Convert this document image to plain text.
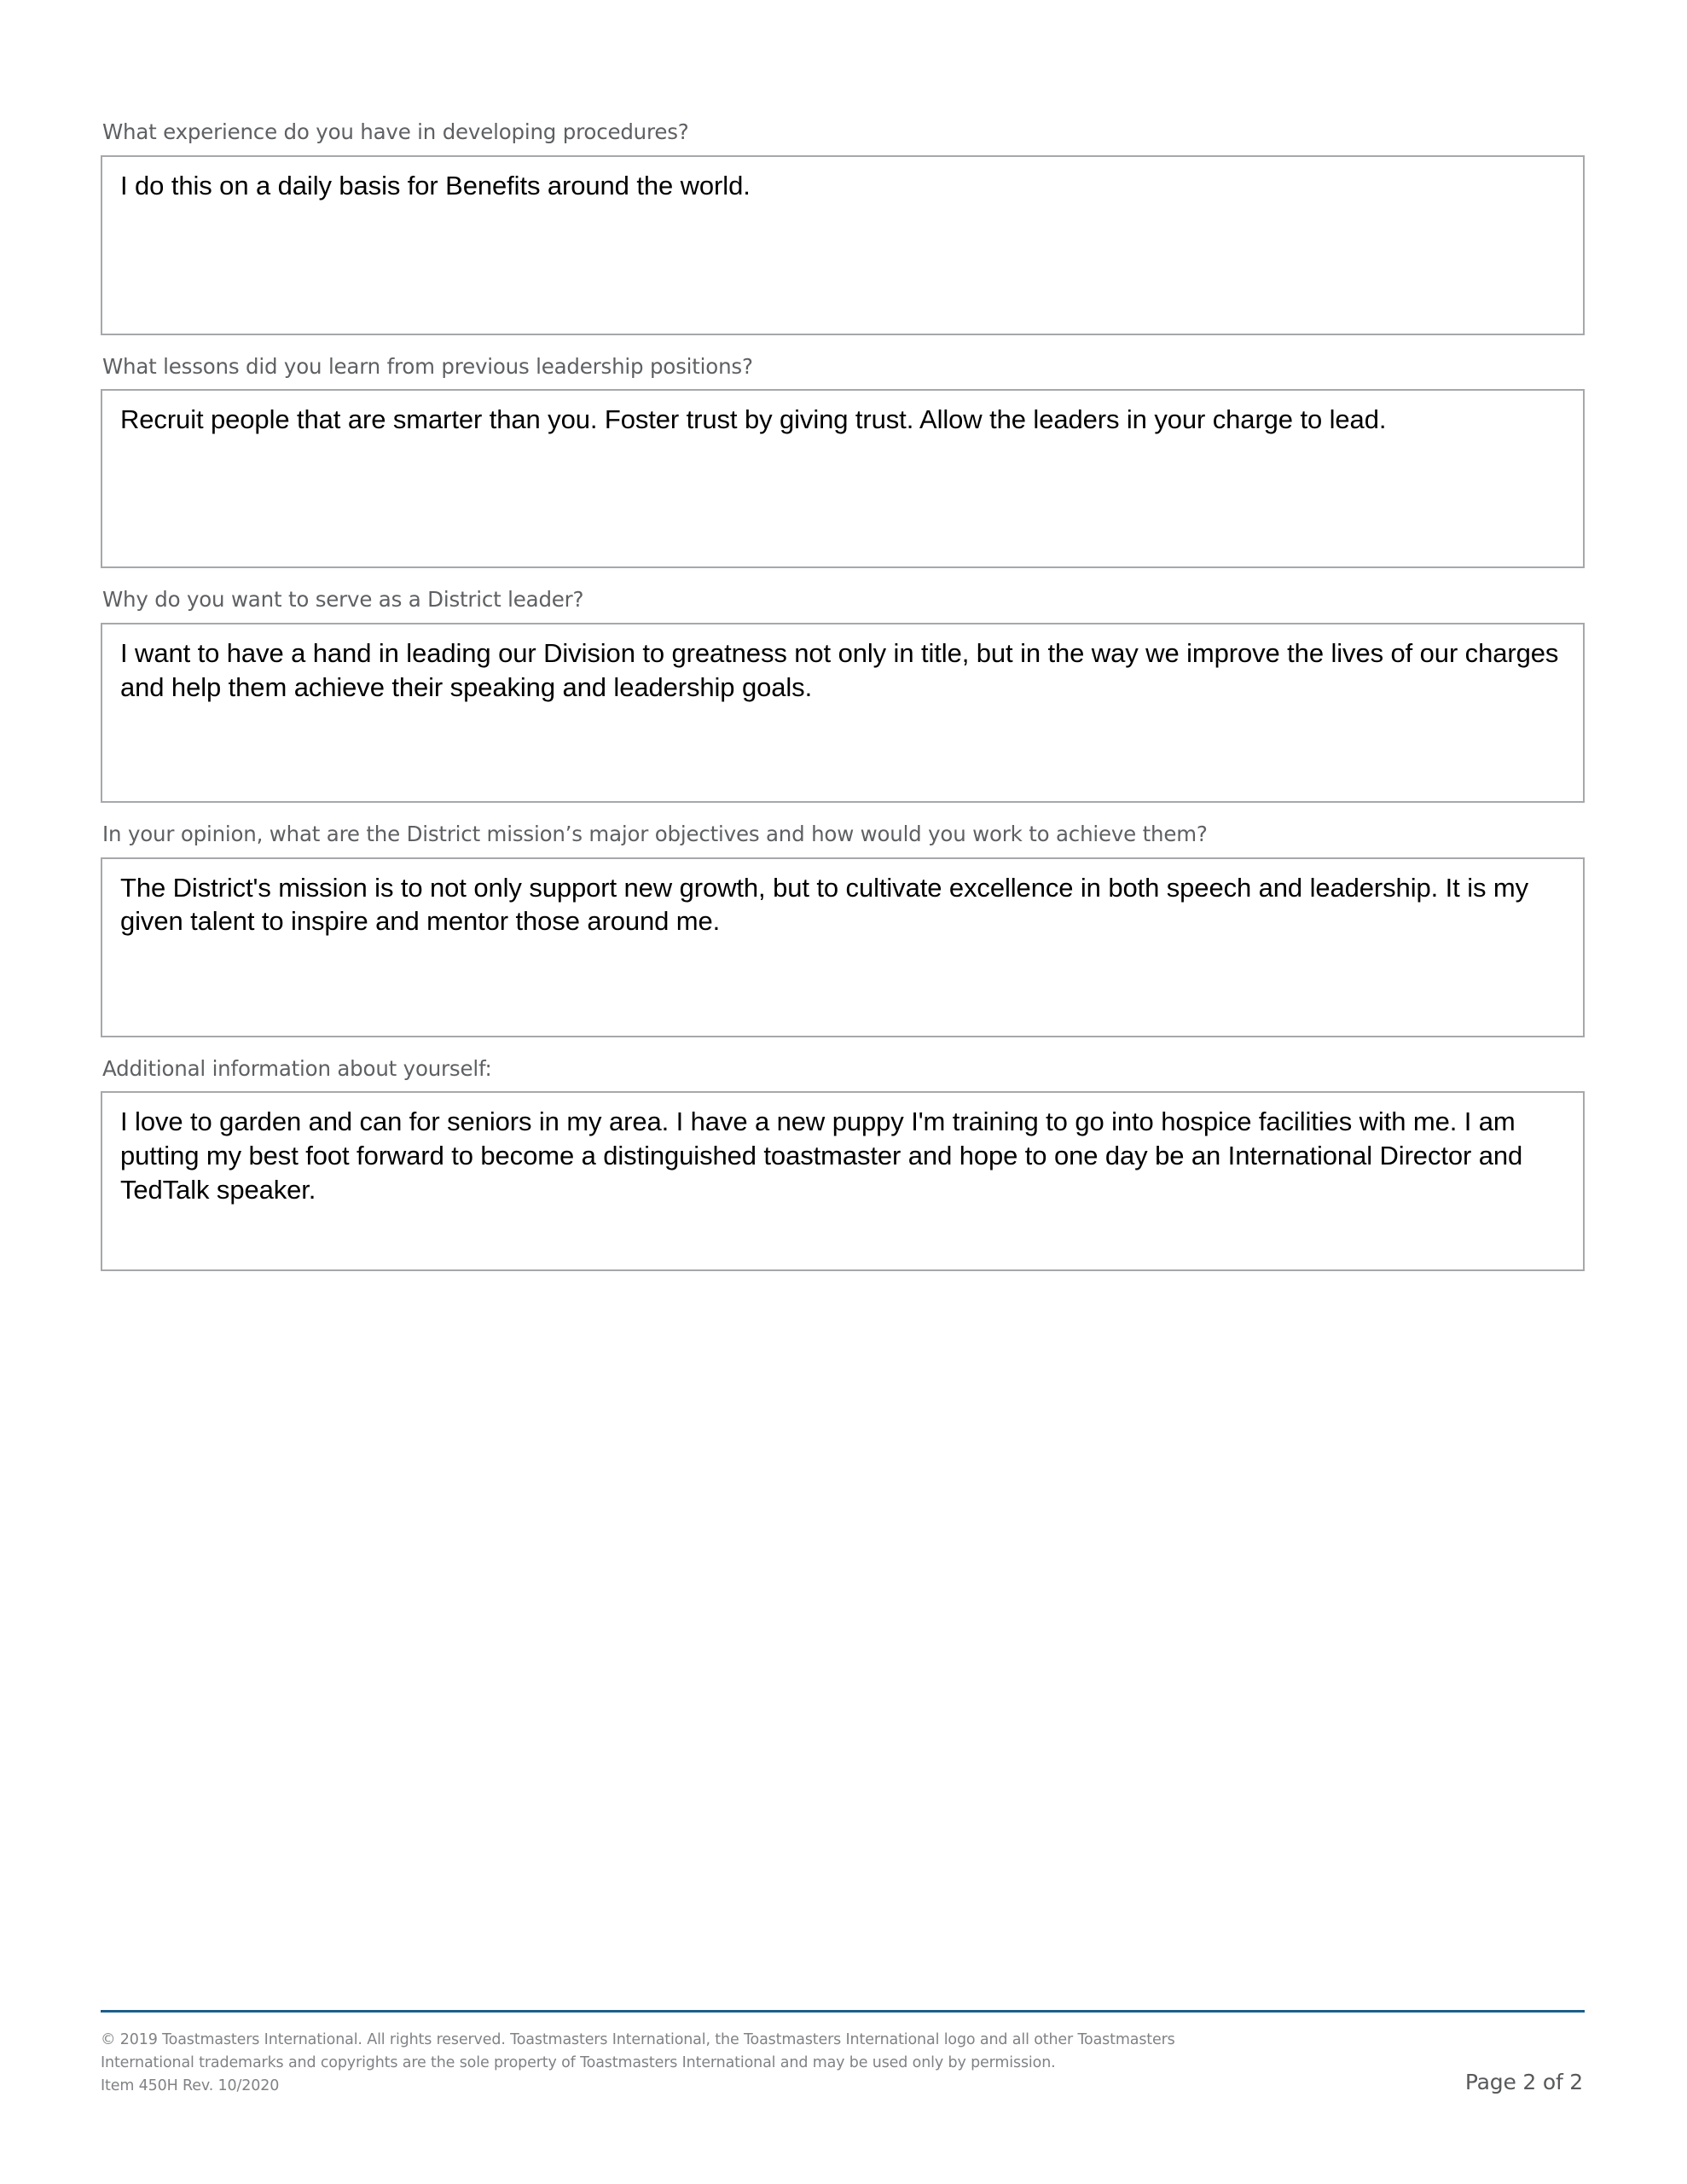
What experience do you have in developing procedures?
I do this on a daily basis for Benefits around the world.
What lessons did you learn from previous leadership positions?
Recruit people that are smarter than you. Foster trust by giving trust. Allow the leaders in your charge to lead.
Why do you want to serve as a District leader?
I want to have a hand in leading our Division to greatness not only in title, but in the way we improve the lives of our charges and help them achieve their speaking and leadership goals.
In your opinion, what are the District mission’s major objectives and how would you work to achieve them?
The District's mission is to not only support new growth, but to cultivate excellence in both speech and leadership. It is my given talent to inspire and mentor those around me.
Additional information about yourself:
I love to garden and can for seniors in my area. I have a new puppy I'm training to go into hospice facilities with me. I am putting my best foot forward to become a distinguished toastmaster and hope to one day be an International Director and TedTalk speaker.
© 2019 Toastmasters International. All rights reserved. Toastmasters International, the Toastmasters International logo and all other Toastmasters
International trademarks and copyrights are the sole property of Toastmasters International and may be used only by permission.
Item 450H Rev. 10/2020	Page 2 of 2
